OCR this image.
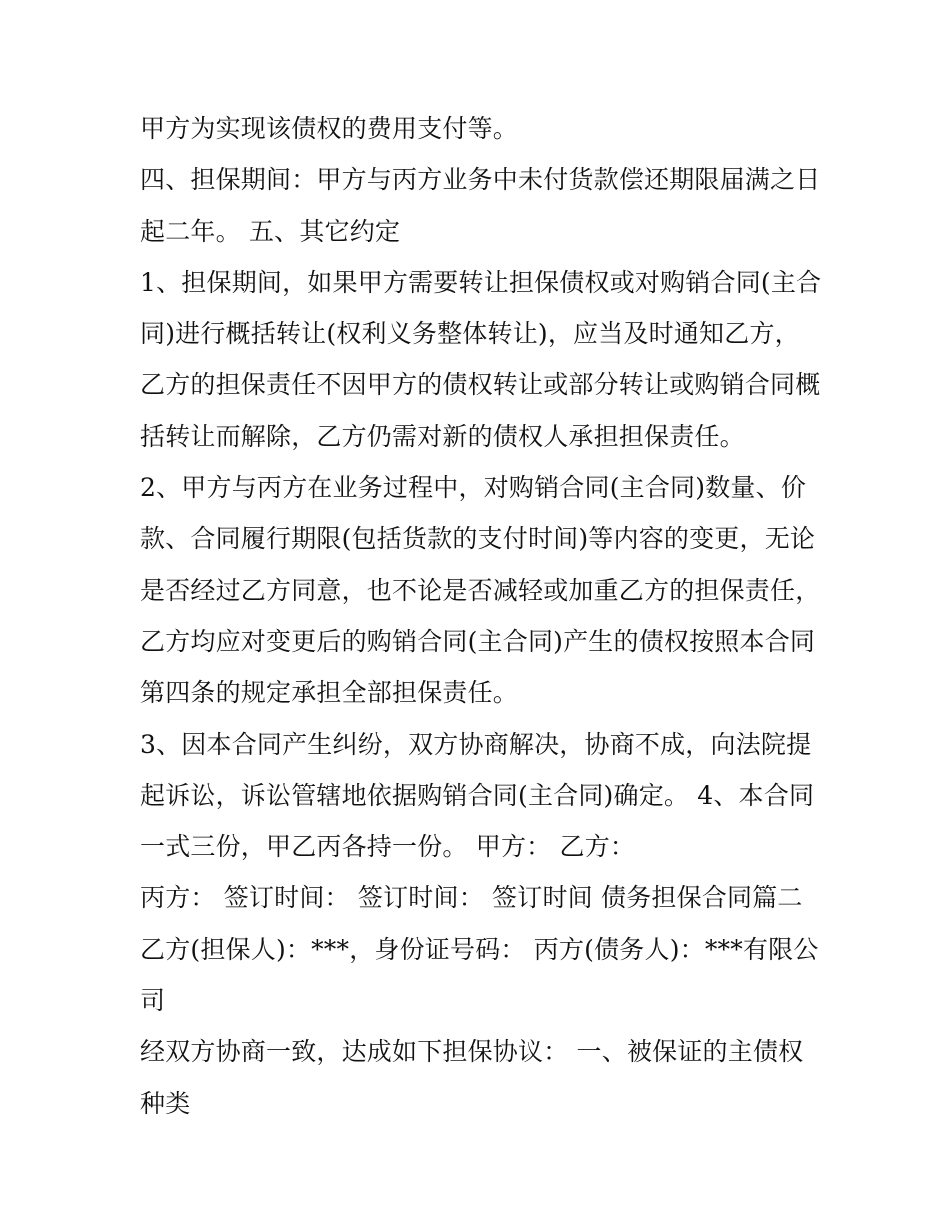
甲方为实现该债权的费用支付等。
四、担保期间：甲方与丙方业务中未付货款偿还期限届满之日
起二年。 五、其它约定
1、担保期间，如果甲方需要转让担保债权或对购销合同(主合
同)进行概括转让(权利义务整体转让)，应当及时通知乙方，
乙方的担保责任不因甲方的债权转让或部分转让或购销合同概
括转让而解除，乙方仍需对新的债权人承担担保责任。
2、甲方与丙方在业务过程中，对购销合同(主合同)数量、价
款、合同履行期限(包括货款的支付时间)等内容的变更，无论
是否经过乙方同意，也不论是否减轻或加重乙方的担保责任，
乙方均应对变更后的购销合同(主合同)产生的债权按照本合同
第四条的规定承担全部担保责任。
3、因本合同产生纠纷，双方协商解决，协商不成，向法院提
起诉讼，诉讼管辖地依据购销合同(主合同)确定。 4、本合同
一式三份，甲乙丙各持一份。 甲方： 乙方：
丙方： 签订时间： 签订时间： 签订时间 债务担保合同篇二
乙方(担保人)：***，身份证号码： 丙方(债务人)：***有限公
司
经双方协商一致，达成如下担保协议： 一、被保证的主债权
种类
